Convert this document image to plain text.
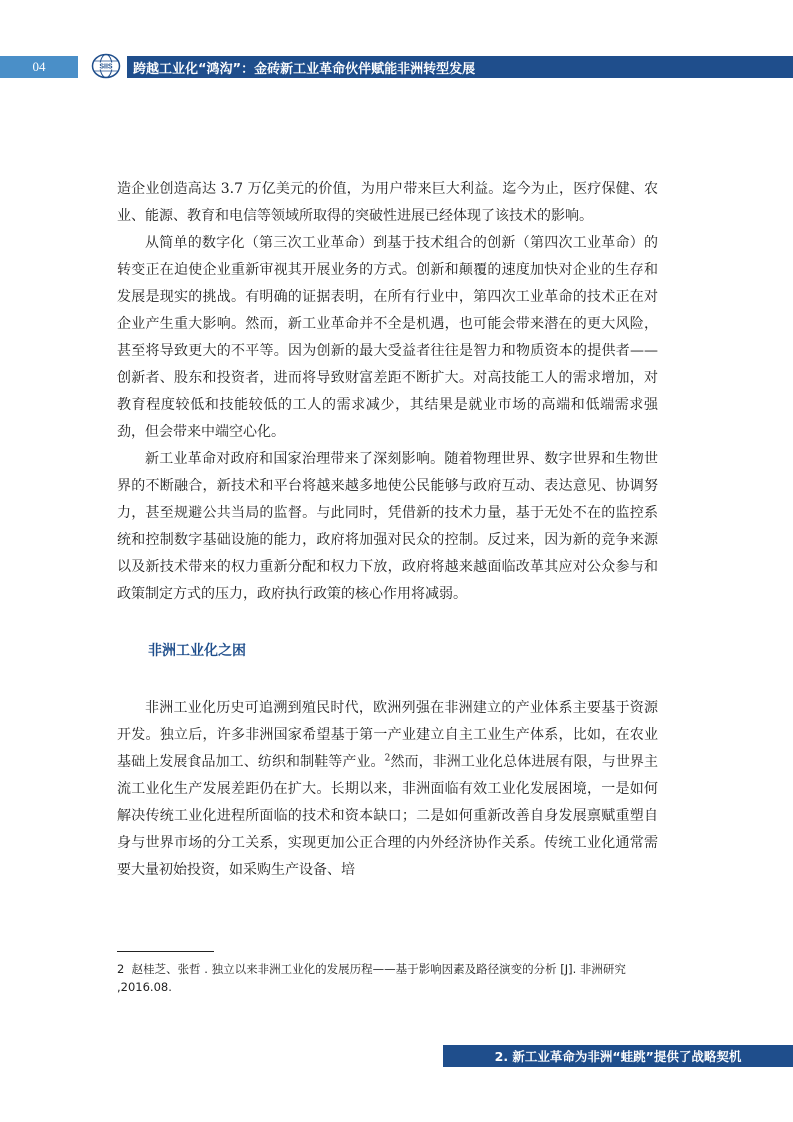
04	SIIS 跨越工业化“鸿沟”：金砖新工业革命伙伴赋能非洲转型发展

造企业创造高达 3.7 万亿美元的价值，为用户带来巨大利益。迄今为止，医疗保健、农业、能源、教育和电信等领域所取得的突破性进展已经体现了该技术的影响。

从简单的数字化（第三次工业革命）到基于技术组合的创新（第四次工业革命）的转变正在迫使企业重新审视其开展业务的方式。创新和颠覆的速度加快对企业的生存和发展是现实的挑战。有明确的证据表明，在所有行业中，第四次工业革命的技术正在对企业产生重大影响。然而，新工业革命并不全是机遇，也可能会带来潜在的更大风险，甚至将导致更大的不平等。因为创新的最大受益者往往是智力和物质资本的提供者——创新者、股东和投资者，进而将导致财富差距不断扩大。对高技能工人的需求增加，对教育程度较低和技能较低的工人的需求减少，其结果是就业市场的高端和低端需求强劲，但会带来中端空心化。

新工业革命对政府和国家治理带来了深刻影响。随着物理世界、数字世界和生物世界的不断融合，新技术和平台将越来越多地使公民能够与政府互动、表达意见、协调努力，甚至规避公共当局的监督。与此同时，凭借新的技术力量，基于无处不在的监控系统和控制数字基础设施的能力，政府将加强对民众的控制。反过来，因为新的竞争来源以及新技术带来的权力重新分配和权力下放，政府将越来越面临改革其应对公众参与和政策制定方式的压力，政府执行政策的核心作用将减弱。

非洲工业化之困

非洲工业化历史可追溯到殖民时代，欧洲列强在非洲建立的产业体系主要基于资源开发。独立后，许多非洲国家希望基于第一产业建立自主工业生产体系，比如，在农业基础上发展食品加工、纺织和制鞋等产业。$^2$然而，非洲工业化总体进展有限，与世界主流工业化生产发展差距仍在扩大。长期以来，非洲面临有效工业化发展困境，一是如何解决传统工业化进程所面临的技术和资本缺口；二是如何重新改善自身发展禀赋重塑自身与世界市场的分工关系，实现更加公正合理的内外经济协作关系。传统工业化通常需要大量初始投资，如采购生产设备、培

2 赵桂芝、张哲 . 独立以来非洲工业化的发展历程——基于影响因素及路径演变的分析 [J]. 非洲研究 ,2016.08.
2. 新工业革命为非洲“蛙跳”提供了战略契机
